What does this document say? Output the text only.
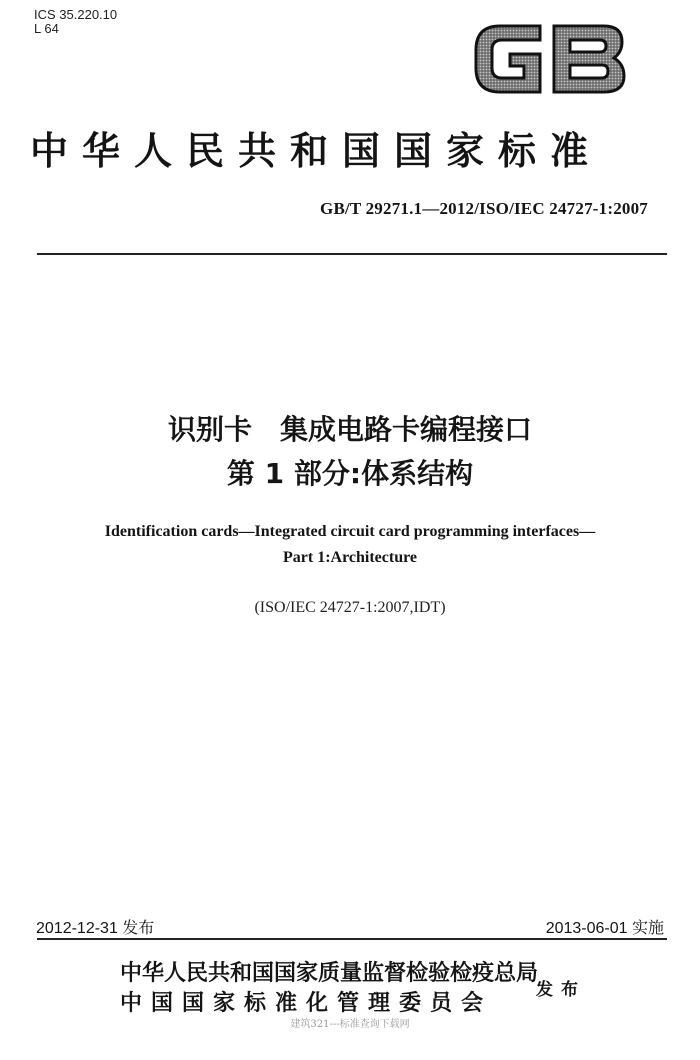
ICS 35.220.10
L 64
GB
中华人民共和国国家标准
GB/T 29271.1—2012/ISO/IEC 24727-1:2007
识别卡　集成电路卡编程接口
第 1 部分:体系结构
Identification cards—Integrated circuit card programming interfaces—
Part 1:Architecture
(ISO/IEC 24727-1:2007,IDT)
2012-12-31 发布	2013-06-01 实施
中华人民共和国国家质量监督检验检疫总局
中国国家标准化管理委员会	发布
建筑321---标准查询下载网
